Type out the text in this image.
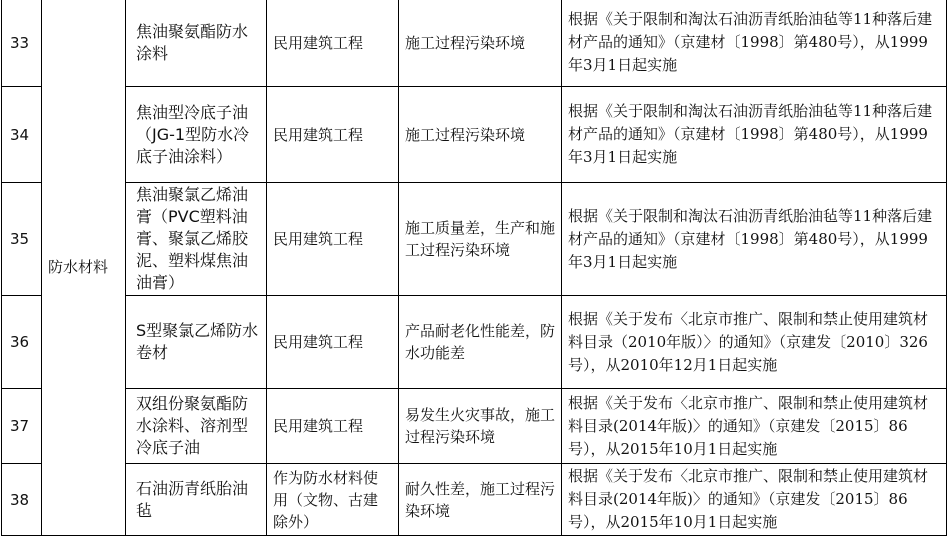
33	防水材料	焦油聚氨酯防水涂料	民用建筑工程	施工过程污染环境	根据《关于限制和淘汰石油沥青纸胎油毡等11种落后建材产品的通知》（京建材〔1998〕第480号），从1999年3月1日起实施
34		焦油型冷底子油（JG-1型防水冷底子油涂料）	民用建筑工程	施工过程污染环境	根据《关于限制和淘汰石油沥青纸胎油毡等11种落后建材产品的通知》（京建材〔1998〕第480号），从1999年3月1日起实施
35		焦油聚氯乙烯油膏（PVC塑料油膏、聚氯乙烯胶泥、塑料煤焦油油膏）	民用建筑工程	施工质量差，生产和施工过程污染环境	根据《关于限制和淘汰石油沥青纸胎油毡等11种落后建材产品的通知》（京建材〔1998〕第480号），从1999年3月1日起实施
36		S型聚氯乙烯防水卷材	民用建筑工程	产品耐老化性能差，防水功能差	根据《关于发布〈北京市推广、限制和禁止使用建筑材料目录（2010年版）〉的通知》（京建发〔2010〕326号），从2010年12月1日起实施
37		双组份聚氨酯防水涂料、溶剂型冷底子油	民用建筑工程	易发生火灾事故，施工过程污染环境	根据《关于发布〈北京市推广、限制和禁止使用建筑材料目录(2014年版)〉的通知》（京建发〔2015〕86号），从2015年10月1日起实施
38		石油沥青纸胎油毡	作为防水材料使用（文物、古建除外）	耐久性差，施工过程污染环境	根据《关于发布〈北京市推广、限制和禁止使用建筑材料目录(2014年版)〉的通知》（京建发〔2015〕86号），从2015年10月1日起实施
